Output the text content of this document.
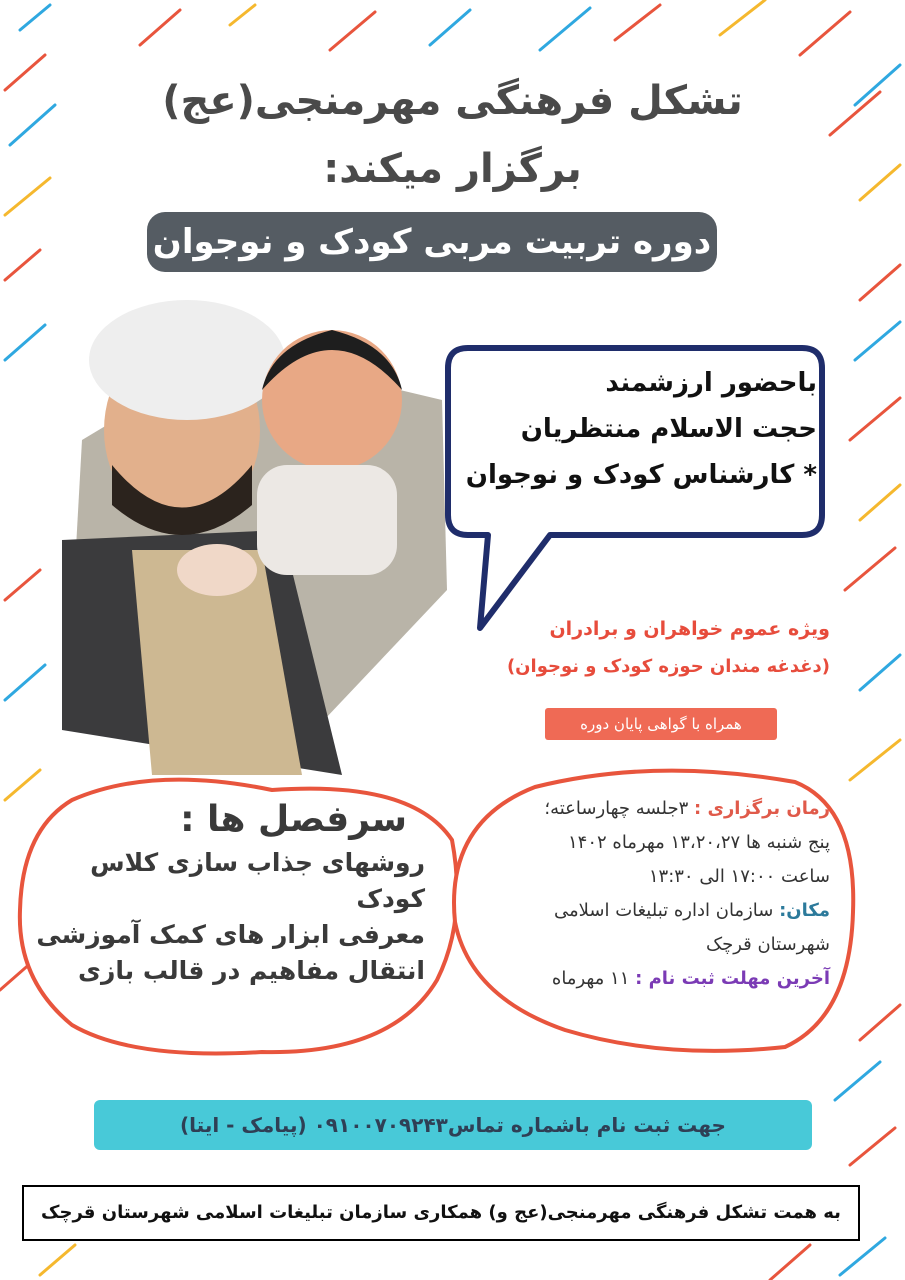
تشکل فرهنگی مهرمنجی(عج)
برگزار میکند:
دوره تربیت مربی کودک و نوجوان
باحضور ارزشمند
حجت الاسلام منتظریان
* کارشناس کودک و نوجوان
ویژه عموم خواهران و برادران
(دغدغه مندان حوزه کودک و نوجوان)
همراه با گواهی پایان دوره
سرفصل ها :
روشهای جذاب سازی کلاس کودک
معرفی ابزار های کمک آموزشی
انتقال مفاهیم در قالب بازی
زمان برگزاری : ۳جلسه چهارساعته؛
پنج شنبه ها ۱۳،۲۰،۲۷ مهرماه ۱۴۰۲
ساعت ۱۷:۰۰ الی ۱۳:۳۰
مکان: سازمان اداره تبلیغات اسلامی
شهرستان قرچک
آخرین مهلت ثبت نام : ۱۱ مهرماه
جهت ثبت نام باشماره تماس۰۹۱۰۰۷۰۹۲۴۳ (پیامک - ایتا)
به همت تشکل فرهنگی مهرمنجی(عج و) همکاری سازمان تبلیغات اسلامی شهرستان قرچک
